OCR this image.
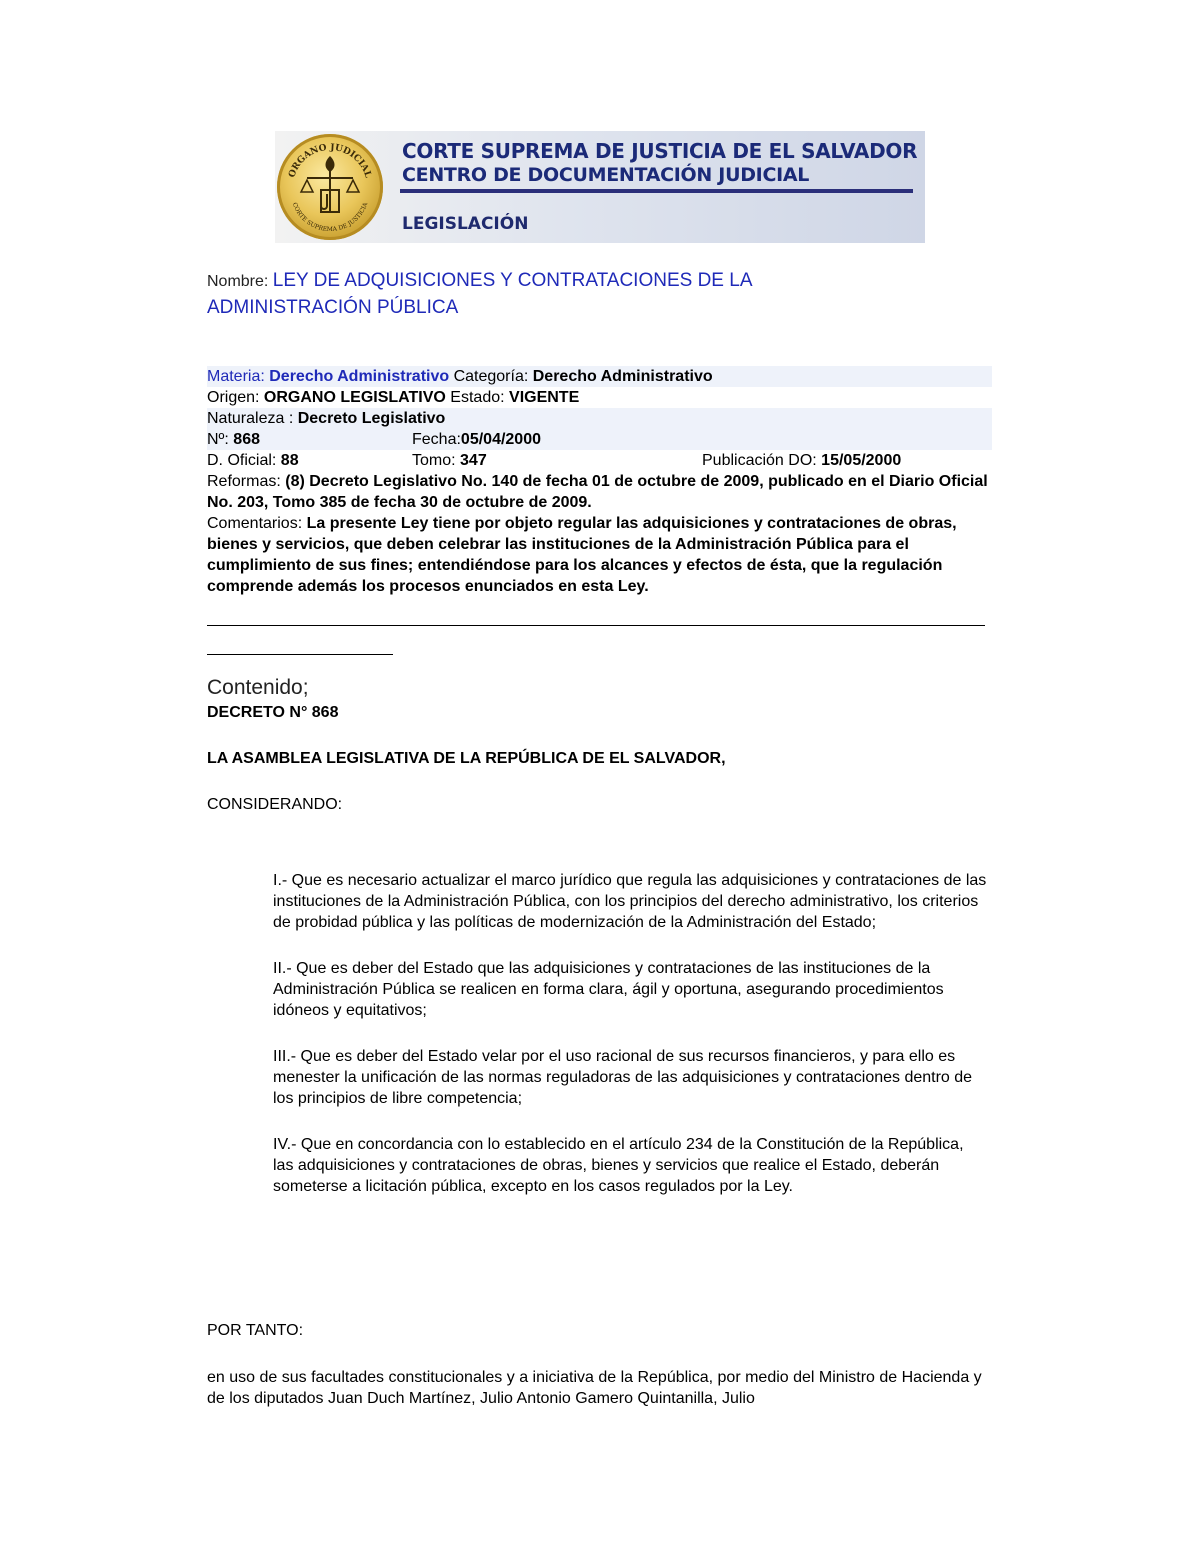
ORGANO JUDICIAL
CORTE SUPREMA DE JUSTICIA
CORTE SUPREMA DE JUSTICIA DE EL SALVADOR
CENTRO DE DOCUMENTACIÓN JUDICIAL
LEGISLACIÓN
Nombre: LEY DE ADQUISICIONES Y CONTRATACIONES DE LA
ADMINISTRACIÓN PÚBLICA
Materia: Derecho Administrativo Categoría: Derecho Administrativo
Origen: ORGANO LEGISLATIVO Estado: VIGENTE
Naturaleza : Decreto Legislativo
Nº: 868	Fecha:05/04/2000
D. Oficial: 88	Tomo: 347	Publicación DO: 15/05/2000
Reformas: (8) Decreto Legislativo No. 140 de fecha 01 de octubre de 2009, publicado en el Diario Oficial No. 203, Tomo 385 de fecha 30 de octubre de 2009.
Comentarios: La presente Ley tiene por objeto regular las adquisiciones y contrataciones de obras, bienes y servicios, que deben celebrar las instituciones de la Administración Pública para el cumplimiento de sus fines; entendiéndose para los alcances y efectos de ésta, que la regulación comprende además los procesos enunciados en esta Ley.
Contenido;
DECRETO N° 868
LA ASAMBLEA LEGISLATIVA DE LA REPÚBLICA DE EL SALVADOR,
CONSIDERANDO:
I.- Que es necesario actualizar el marco jurídico que regula las adquisiciones y contrataciones de las instituciones de la Administración Pública, con los principios del derecho administrativo, los criterios de probidad pública y las políticas de modernización de la Administración del Estado;
II.- Que es deber del Estado que las adquisiciones y contrataciones de las instituciones de la Administración Pública se realicen en forma clara, ágil y oportuna, asegurando procedimientos idóneos y equitativos;
III.- Que es deber del Estado velar por el uso racional de sus recursos financieros, y para ello es menester la unificación de las normas reguladoras de las adquisiciones y contrataciones dentro de los principios de libre competencia;
IV.- Que en concordancia con lo establecido en el artículo 234 de la Constitución de la República, las adquisiciones y contrataciones de obras, bienes y servicios que realice el Estado, deberán someterse a licitación pública, excepto en los casos regulados por la Ley.
POR TANTO:
en uso de sus facultades constitucionales y a iniciativa de la República, por medio del Ministro de Hacienda y de los diputados Juan Duch Martínez, Julio Antonio Gamero Quintanilla, Julio
